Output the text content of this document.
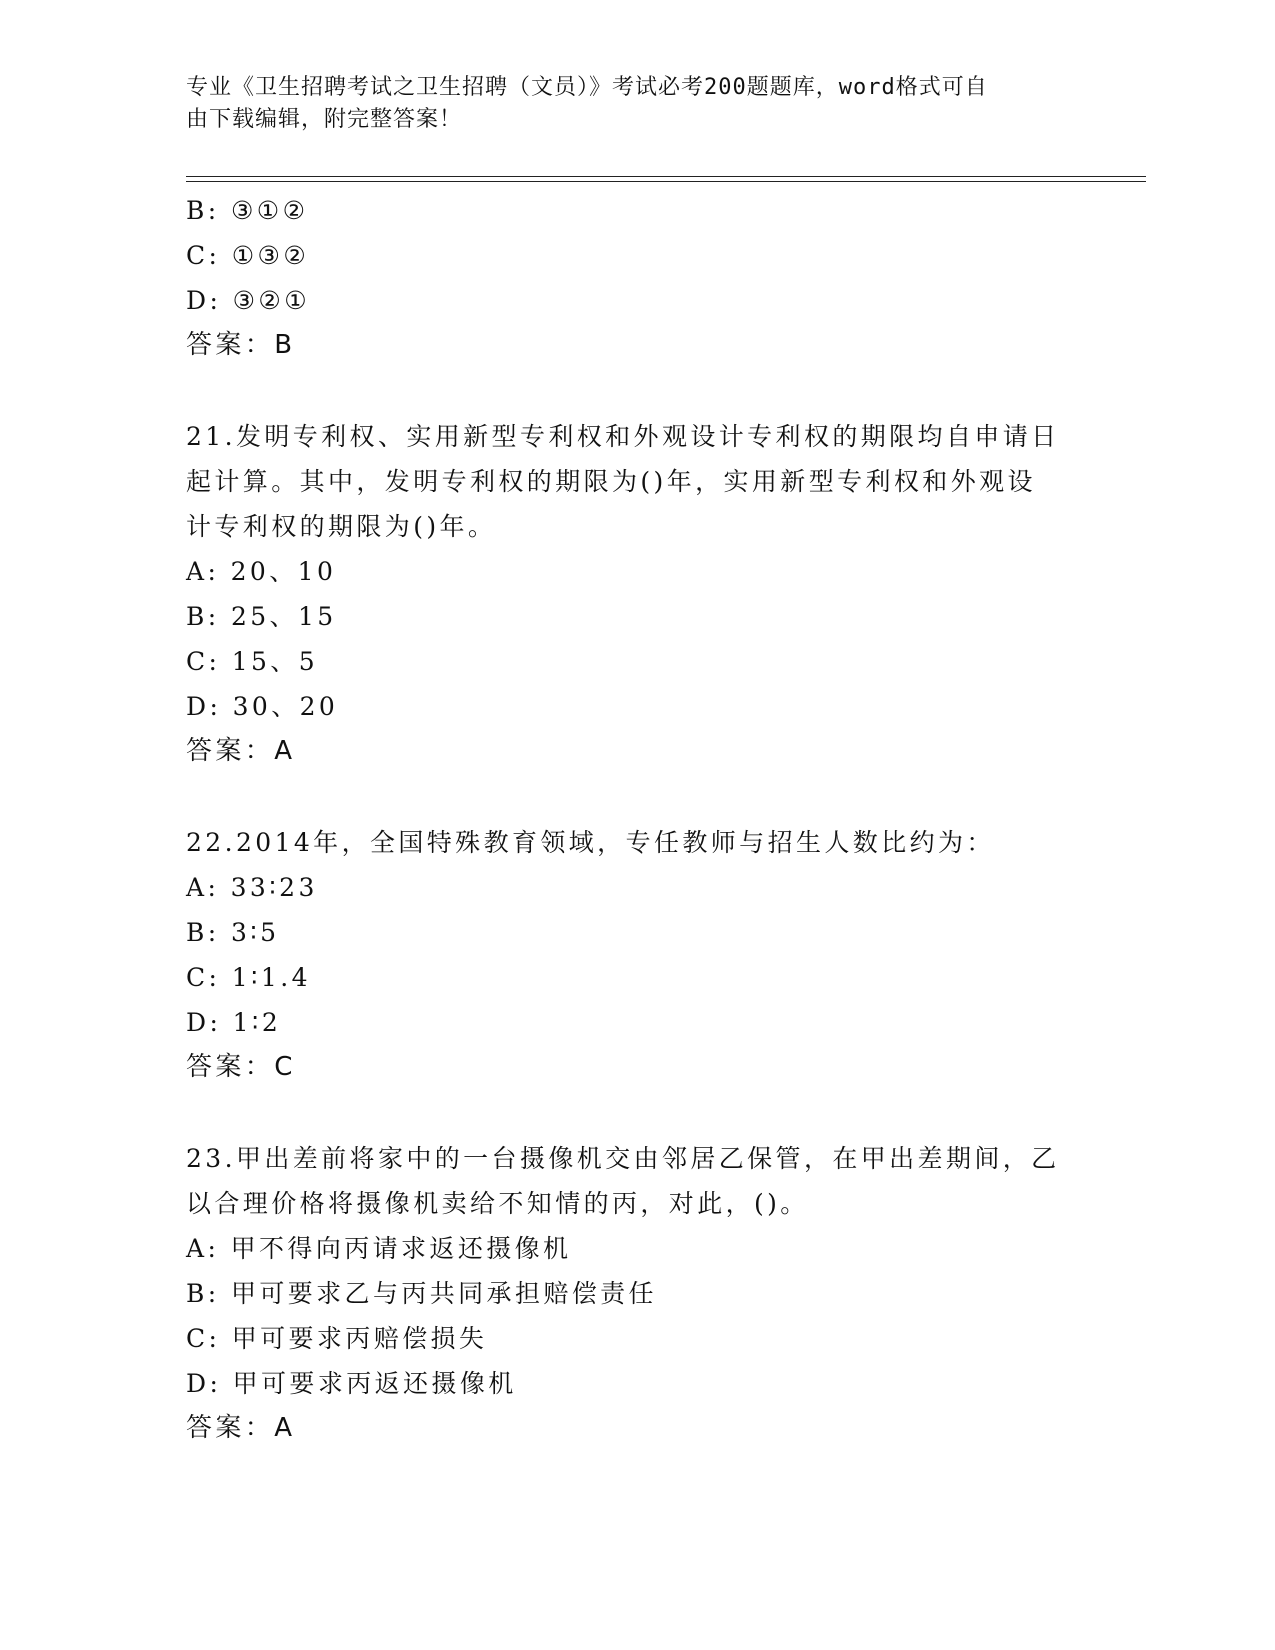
专业《卫生招聘考试之卫生招聘（文员）》考试必考200题题库，word格式可自
由下载编辑，附完整答案！
B: ③①②
C: ①③②
D: ③②①
答案：B
21.发明专利权、实用新型专利权和外观设计专利权的期限均自申请日
起计算。其中，发明专利权的期限为()年，实用新型专利权和外观设
计专利权的期限为()年。
A: 20、10
B: 25、15
C: 15、5
D: 30、20
答案：A
22.2014年，全国特殊教育领域，专任教师与招生人数比约为：
A: 33∶23
B: 3∶5
C: 1∶1.4
D: 1∶2
答案：C
23.甲出差前将家中的一台摄像机交由邻居乙保管，在甲出差期间，乙
以合理价格将摄像机卖给不知情的丙，对此，()。
A: 甲不得向丙请求返还摄像机
B: 甲可要求乙与丙共同承担赔偿责任
C: 甲可要求丙赔偿损失
D: 甲可要求丙返还摄像机
答案：A
